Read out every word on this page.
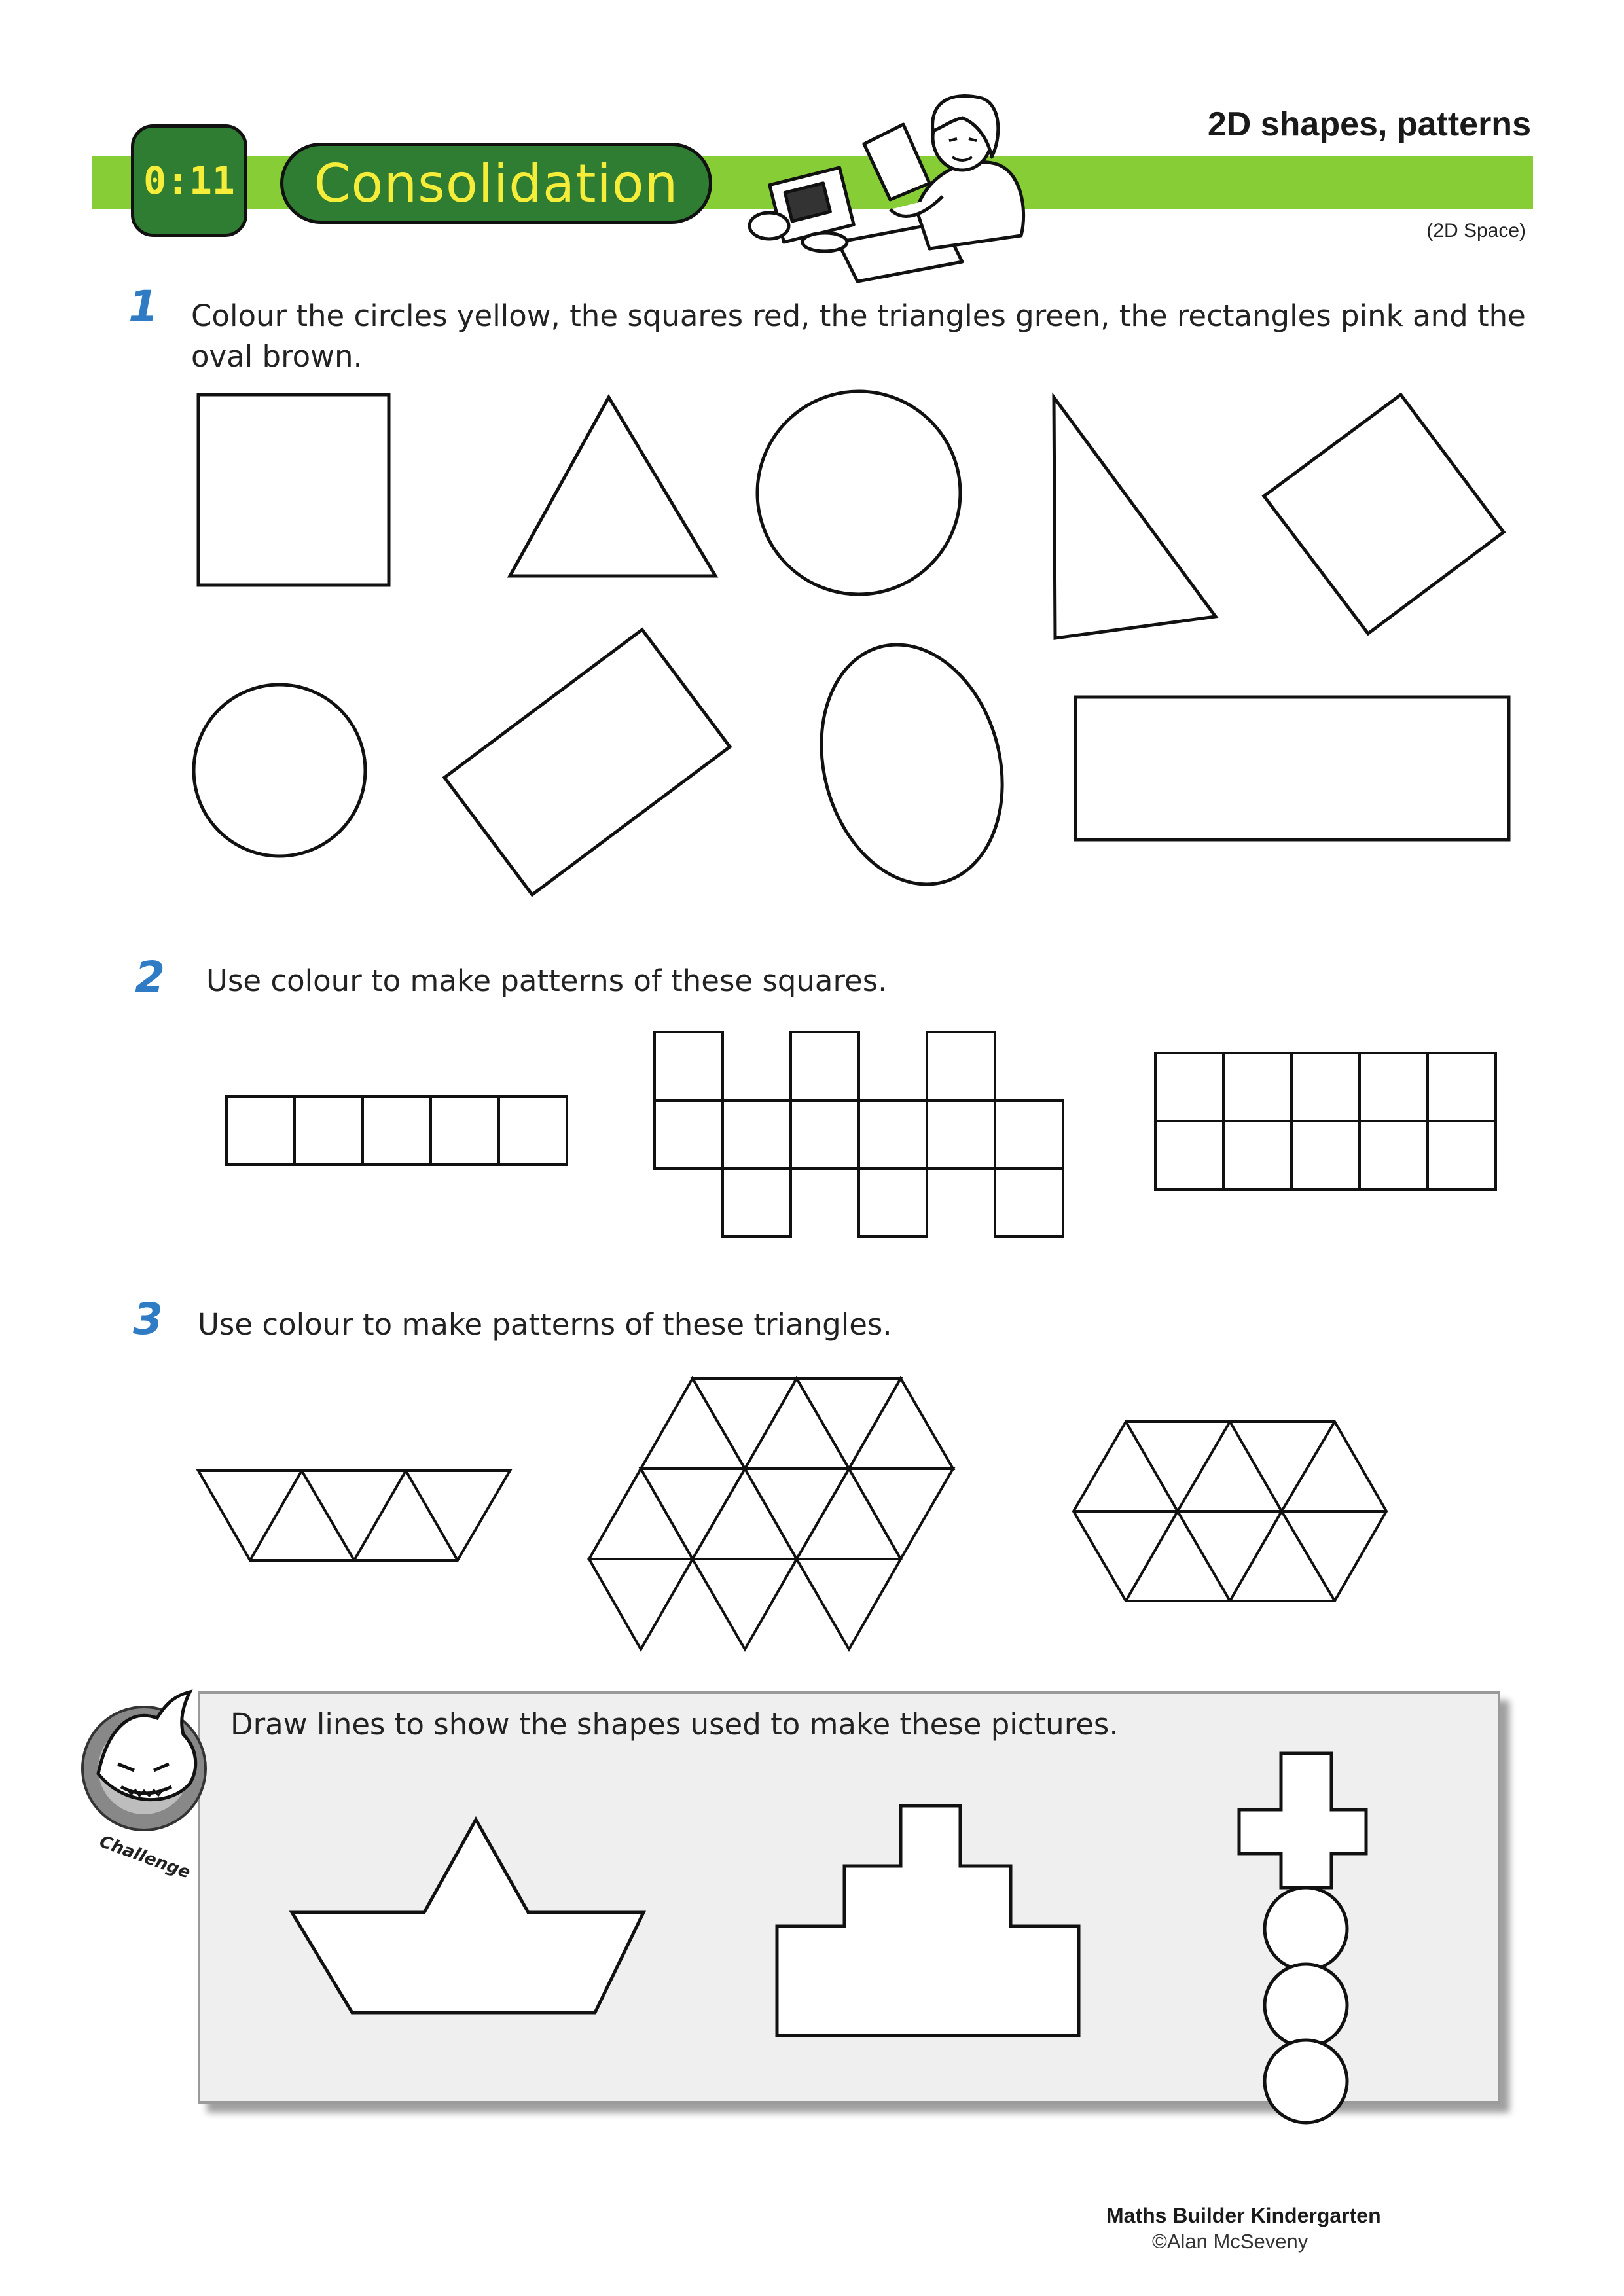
0:11 Consolidation
2D shapes, patterns
(2D Space)
1 Colour the circles yellow, the squares red, the triangles green, the rectangles pink and the oval brown.
2 Use colour to make patterns of these squares.
3 Use colour to make patterns of these triangles.
Draw lines to show the shapes used to make these pictures.
Challenge
Maths Builder Kindergarten
©Alan McSeveny
